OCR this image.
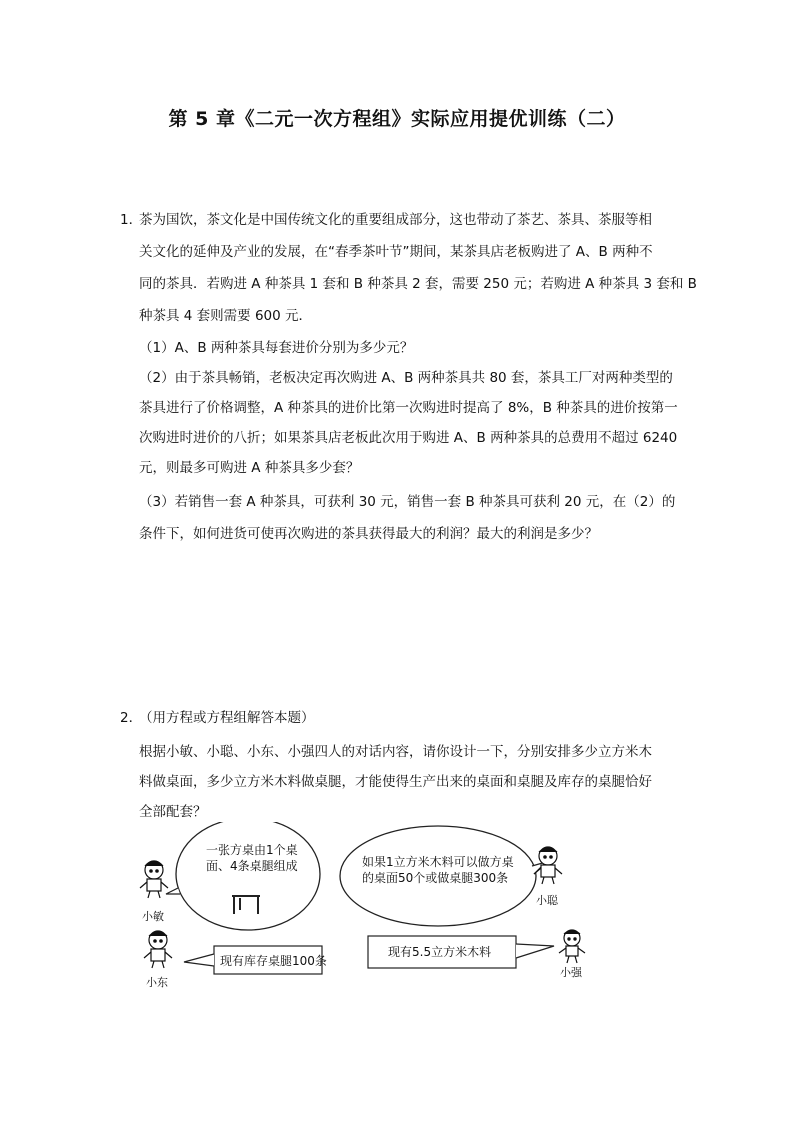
第 5 章《二元一次方程组》实际应用提优训练（二）
1．
茶为国饮，茶文化是中国传统文化的重要组成部分，这也带动了茶艺、茶具、茶服等相
关文化的延伸及产业的发展，在“春季茶叶节”期间，某茶具店老板购进了 A、B 两种不
同的茶具．若购进 A 种茶具 1 套和 B 种茶具 2 套，需要 250 元；若购进 A 种茶具 3 套和 B
种茶具 4 套则需要 600 元．
（1）A、B 两种茶具每套进价分别为多少元？
（2）由于茶具畅销，老板决定再次购进 A、B 两种茶具共 80 套，茶具工厂对两种类型的
茶具进行了价格调整，A 种茶具的进价比第一次购进时提高了 8%，B 种茶具的进价按第一
次购进时进价的八折；如果茶具店老板此次用于购进 A、B 两种茶具的总费用不超过 6240
元，则最多可购进 A 种茶具多少套？
（3）若销售一套 A 种茶具，可获利 30 元，销售一套 B 种茶具可获利 20 元，在（2）的
条件下，如何进货可使再次购进的茶具获得最大的利润？最大的利润是多少？
2．
（用方程或方程组解答本题）
根据小敏、小聪、小东、小强四人的对话内容，请你设计一下，分别安排多少立方米木
料做桌面，多少立方米木料做桌腿，才能使得生产出来的桌面和桌腿及库存的桌腿恰好
全部配套？
一张方桌由1个桌
面、4条桌腿组成	如果1立方米木料可以做方桌
的桌面50个或做桌腿300条
现有库存桌腿100条
现有5.5立方米木料
小敏
小聪
小东
小强
